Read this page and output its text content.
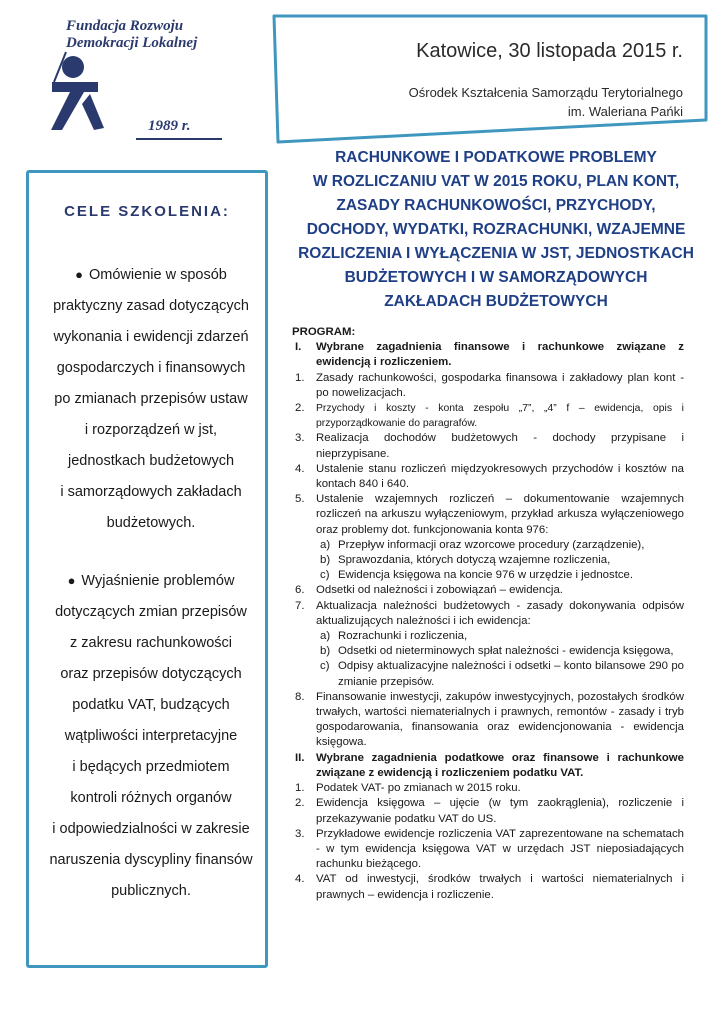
Fundacja Rozwoju
Demokracji Lokalnej
1989 r.
Katowice, 30 listopada 2015 r.
Ośrodek Kształcenia Samorządu Terytorialnego
im. Waleriana Pańki
CELE SZKOLENIA:
● Omówienie w sposób
praktyczny zasad dotyczących
wykonania i ewidencji zdarzeń
gospodarczych i finansowych
po zmianach przepisów ustaw
i rozporządzeń w jst,
jednostkach budżetowych
i samorządowych zakładach
budżetowych.
● Wyjaśnienie problemów
dotyczących zmian przepisów
z zakresu rachunkowości
oraz przepisów dotyczących
podatku VAT, budzących
wątpliwości interpretacyjne
i będących przedmiotem
kontroli różnych organów
i odpowiedzialności w zakresie
naruszenia dyscypliny finansów
publicznych.
RACHUNKOWE I PODATKOWE PROBLEMY
W ROZLICZANIU VAT W 2015 ROKU, PLAN KONT,
ZASADY RACHUNKOWOŚCI, PRZYCHODY,
DOCHODY, WYDATKI, ROZRACHUNKI, WZAJEMNE
ROZLICZENIA I WYŁĄCZENIA W JST, JEDNOSTKACH
BUDŻETOWYCH I W SAMORZĄDOWYCH
ZAKŁADACH BUDŻETOWYCH
PROGRAM:
I. Wybrane zagadnienia finansowe i rachunkowe związane z ewidencją i rozliczeniem.
1. Zasady rachunkowości, gospodarka finansowa i zakładowy plan kont - po nowelizacjach.
2. Przychody i koszty - konta zespołu „7”, „4” f – ewidencja, opis i przyporządkowanie do paragrafów.
3. Realizacja dochodów budżetowych - dochody przypisane i nieprzypisane.
4. Ustalenie stanu rozliczeń międzyokresowych przychodów i kosztów na kontach 840 i 640.
5. Ustalenie wzajemnych rozliczeń – dokumentowanie wzajemnych rozliczeń na arkuszu wyłączeniowym, przykład arkusza wyłączeniowego oraz problemy dot. funkcjonowania konta 976:
a) Przepływ informacji oraz wzorcowe procedury (zarządzenie),
b) Sprawozdania, których dotyczą wzajemne rozliczenia,
c) Ewidencja księgowa na koncie 976 w urzędzie i jednostce.
6. Odsetki od należności i zobowiązań – ewidencja.
7. Aktualizacja należności budżetowych - zasady dokonywania odpisów aktualizujących należności i ich ewidencja:
a) Rozrachunki i rozliczenia,
b) Odsetki od nieterminowych spłat należności - ewidencja księgowa,
c) Odpisy aktualizacyjne należności i odsetki – konto bilansowe 290 po zmianie przepisów.
8. Finansowanie inwestycji, zakupów inwestycyjnych, pozostałych środków trwałych, wartości niematerialnych i prawnych, remontów - zasady i tryb gospodarowania, finansowania oraz ewidencjonowania - ewidencja księgowa.
II. Wybrane zagadnienia podatkowe oraz finansowe i rachunkowe związane z ewidencją i rozliczeniem podatku VAT.
1. Podatek VAT- po zmianach w 2015 roku.
2. Ewidencja księgowa – ujęcie (w tym zaokrąglenia), rozliczenie i przekazywanie podatku VAT do US.
3. Przykładowe ewidencje rozliczenia VAT zaprezentowane na schematach - w tym ewidencja księgowa VAT w urzędach JST nieposiadających rachunku bieżącego.
4. VAT od inwestycji, środków trwałych i wartości niematerialnych i prawnych – ewidencja i rozliczenie.
